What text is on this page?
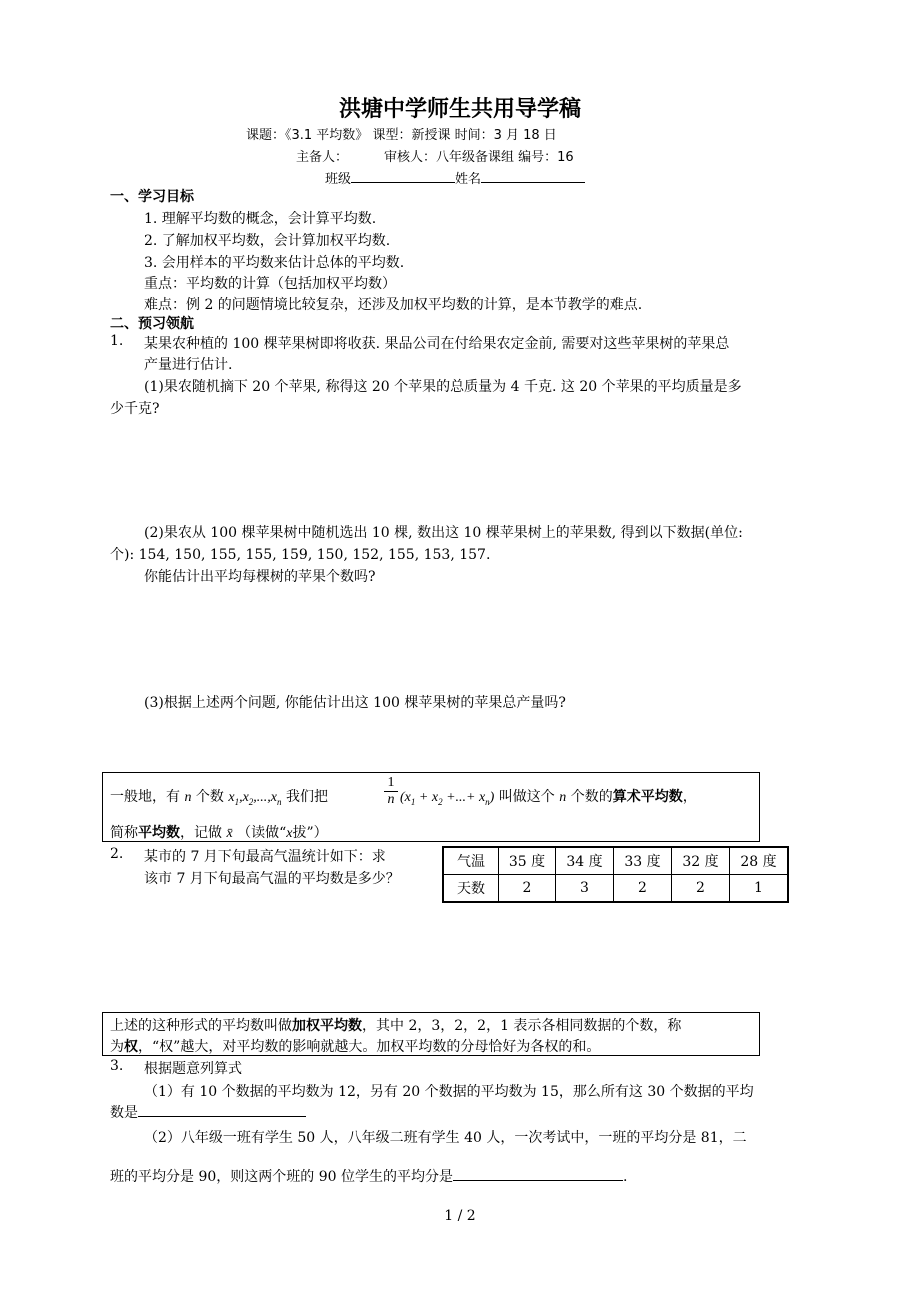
洪塘中学师生共用导学稿
课题：《3.1 平均数》 课型：新授课 时间：3 月 18 日
主备人：	审核人：八年级备课组 编号：16
班级	姓名
一、学习目标
1. 理解平均数的概念，会计算平均数.
2. 了解加权平均数，会计算加权平均数.
3. 会用样本的平均数来估计总体的平均数.
重点：平均数的计算（包括加权平均数）
难点：例 2 的问题情境比较复杂，还涉及加权平均数的计算，是本节教学的难点.
二、预习领航
1. 某果农种植的 100 棵苹果树即将收获. 果品公司在付给果农定金前, 需要对这些苹果树的苹果总
产量进行估计.
(1)果农随机摘下 20 个苹果, 称得这 20 个苹果的总质量为 4 千克. 这 20 个苹果的平均质量是多
少千克?
(2)果农从 100 棵苹果树中随机选出 10 棵, 数出这 10 棵苹果树上的苹果数, 得到以下数据(单位:
个): 154, 150, 155, 155, 159, 150, 152, 155, 153, 157.
你能估计出平均每棵树的苹果个数吗?
(3)根据上述两个问题, 你能估计出这 100 棵苹果树的苹果总产量吗?
一般地，有 n 个数 $x_1,x_2,...,x_n$ 我们把	$\frac{1}{n} (x_1 + x_2$ +...+ $x_n$) 叫做这个 n 个数的算术平均数，
简称平均数，记做 x̄ （读做“x拔”）
2. 某市的 7 月下旬最高气温统计如下：求
该市 7 月下旬最高气温的平均数是多少？
气温	35 度	34 度	33 度	32 度	28 度
天数	2	3	2	2	1
上述的这种形式的平均数叫做加权平均数，其中 2，3，2，2，1 表示各相同数据的个数，称
为权，“权”越大，对平均数的影响就越大。加权平均数的分母恰好为各权的和。
3. 根据题意列算式
（1）有 10 个数据的平均数为 12，另有 20 个数据的平均数为 15，那么所有这 30 个数据的平均
数是
（2）八年级一班有学生 50 人，八年级二班有学生 40 人，一次考试中，一班的平均分是 81，二
班的平均分是 90，则这两个班的 90 位学生的平均分是	.
1 / 2
